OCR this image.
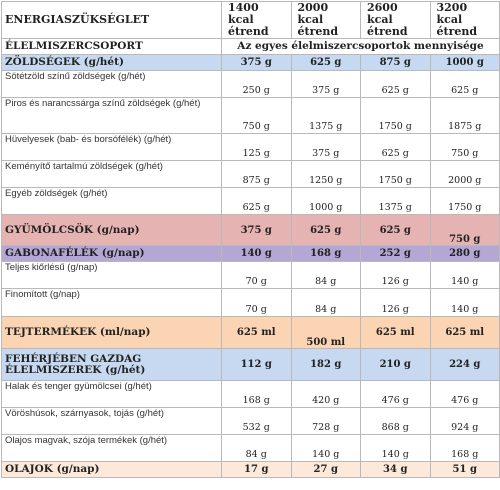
ENERGIASZÜKSÉGLET	1400 kcal étrend	2000 kcal étrend	2600 kcal étrend	3200 kcal étrend
ÉLELMISZERCSOPORT	Az egyes élelmiszercsoportok mennyisége			
ZÖLDSÉGEK (g/hét)	375 g	625 g	875 g	1000 g
Sötétzöld színű zöldségek (g/hét)	250 g	375 g	625 g	625 g
Piros és narancssárga színű zöldségek (g/hét)	750 g	1375 g	1750 g	1875 g
Hüvelyesek (bab- és borsófélék) (g/hét)	125 g	375 g	625 g	750 g
Keményítő tartalmú zöldségek (g/hét)	875 g	1250 g	1750 g	2000 g
Egyéb zöldségek (g/hét)	625 g	1000 g	1375 g	1750 g
GYÜMÖLCSÖK (g/nap)	375 g	625 g	625 g	750 g
GABONAFÉLÉK (g/nap)	140 g	168 g	252 g	280 g
Teljes kiőrlésű (g/nap)	70 g	84 g	126 g	140 g
Finomított (g/nap)	70 g	84 g	126 g	140 g
TEJTERMÉKEK (ml/nap)	625 ml	500 ml	625 ml	625 ml
FEHÉRJÉBEN GAZDAG ÉLELMISZEREK (g/hét)	112 g	182 g	210 g	224 g
Halak és tenger gyümölcsei (g/hét)	168 g	420 g	476 g	476 g
Vöröshúsok, szárnyasok, tojás (g/hét)	532 g	728 g	868 g	924 g
Olajos magvak, szója termékek (g/hét)	84 g	140 g	140 g	168 g
OLAJOK (g/nap)	17 g	27 g	34 g	51 g
